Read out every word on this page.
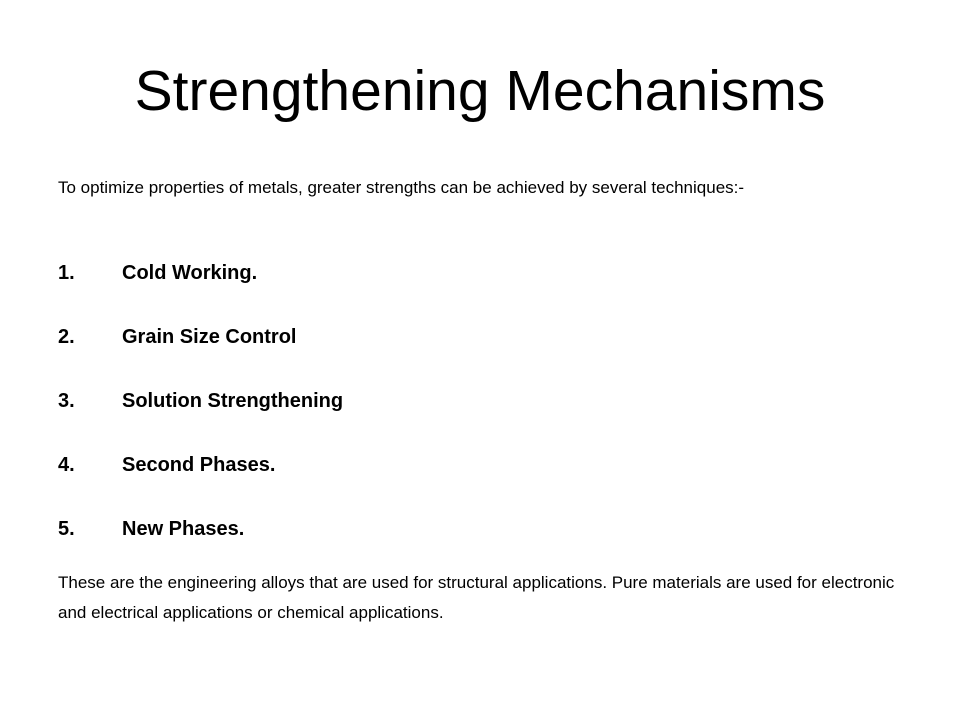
Strengthening Mechanisms

To optimize properties of metals, greater strengths can be achieved by several techniques:-

1.	Cold Working.
2.	Grain Size Control
3.	Solution Strengthening
4.	Second Phases.
5.	New Phases.

These are the engineering alloys that are used for structural applications. Pure materials are used for electronic and electrical applications or chemical applications.
